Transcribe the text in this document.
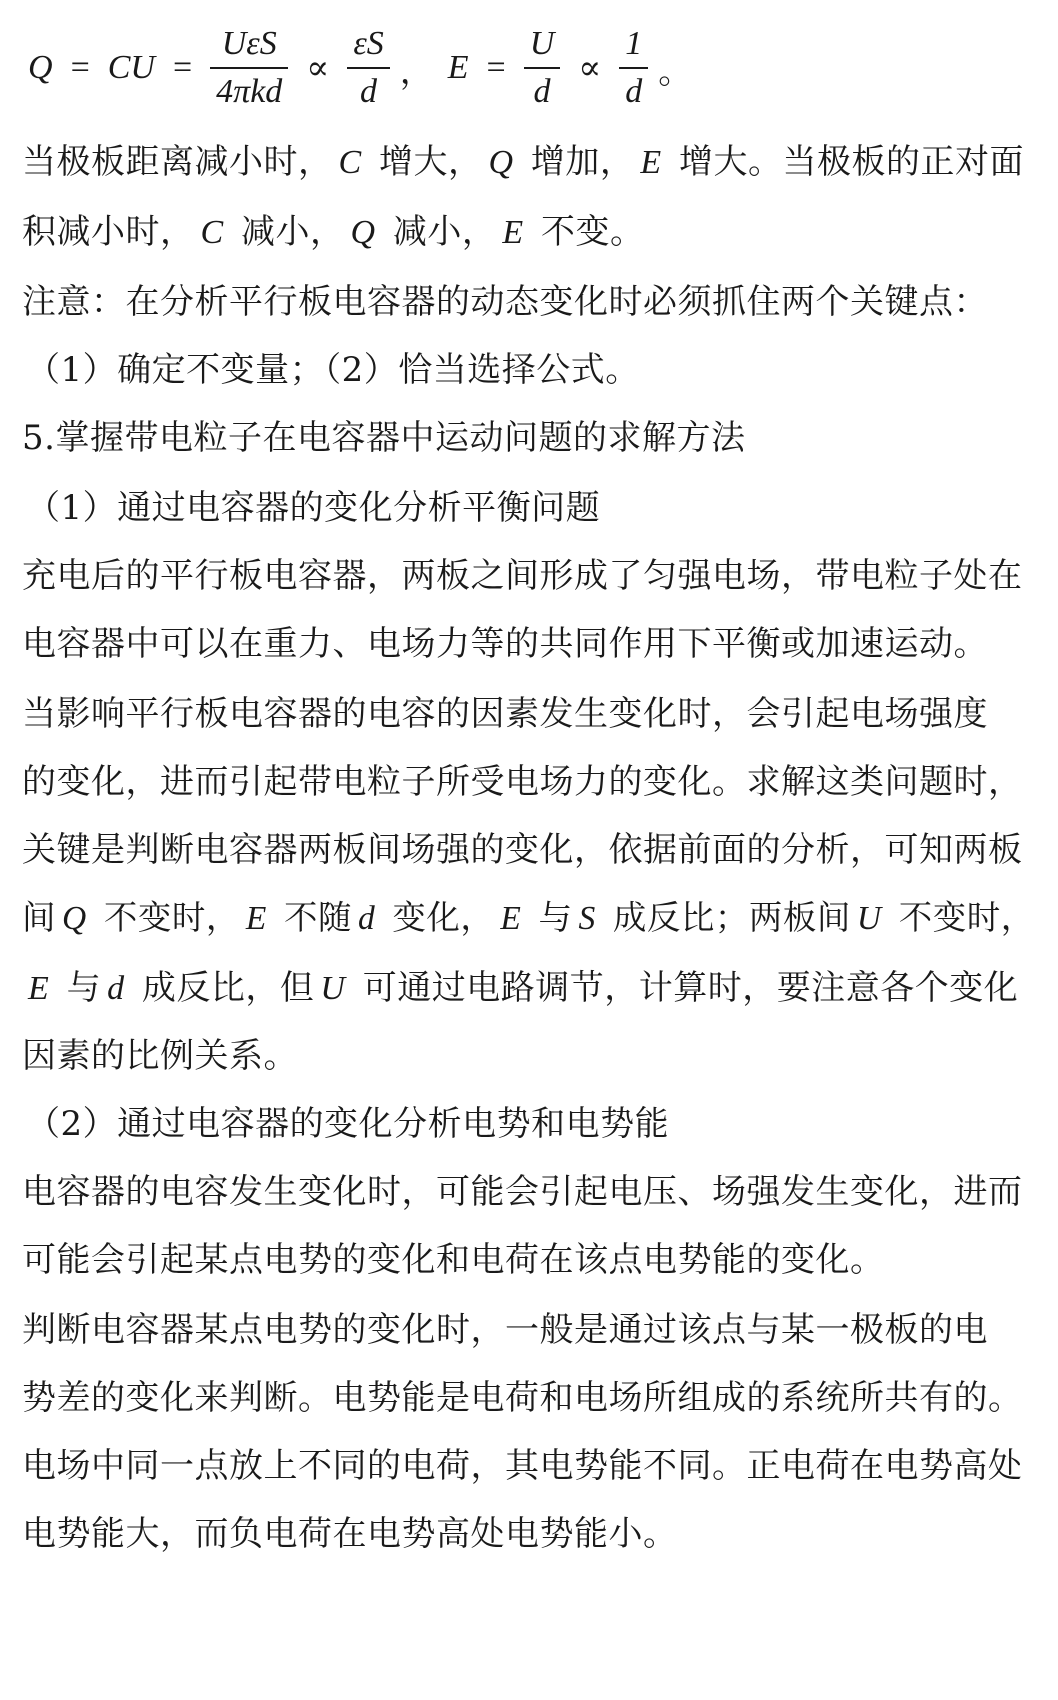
Q = CU = $\frac{\text{UεS}}{\text{4πkd}} \propto \frac{\varepsilon S}{d}$ ， $E = \frac{U}{d} \propto \frac{1}{d}$ 。
当极板距离减小时， C 增大， Q 增加， E 增大。当极板的正对面
积减小时， C 减小， Q 减小， E 不变。
注意：在分析平行板电容器的动态变化时必须抓住两个关键点：
（1）确定不变量；（2）恰当选择公式。
5.掌握带电粒子在电容器中运动问题的求解方法
（1）通过电容器的变化分析平衡问题
充电后的平行板电容器，两板之间形成了匀强电场，带电粒子处在
电容器中可以在重力、电场力等的共同作用下平衡或加速运动。
当影响平行板电容器的电容的因素发生变化时，会引起电场强度
的变化，进而引起带电粒子所受电场力的变化。求解这类问题时，
关键是判断电容器两板间场强的变化，依据前面的分析，可知两板
间 Q 不变时， E 不随 d 变化， E 与 S 成反比；两板间 U 不变时，
E 与 d 成反比，但 U 可通过电路调节，计算时，要注意各个变化
因素的比例关系。
（2）通过电容器的变化分析电势和电势能
电容器的电容发生变化时，可能会引起电压、场强发生变化，进而
可能会引起某点电势的变化和电荷在该点电势能的变化。
判断电容器某点电势的变化时，一般是通过该点与某一极板的电
势差的变化来判断。电势能是电荷和电场所组成的系统所共有的。
电场中同一点放上不同的电荷，其电势能不同。正电荷在电势高处
电势能大，而负电荷在电势高处电势能小。
